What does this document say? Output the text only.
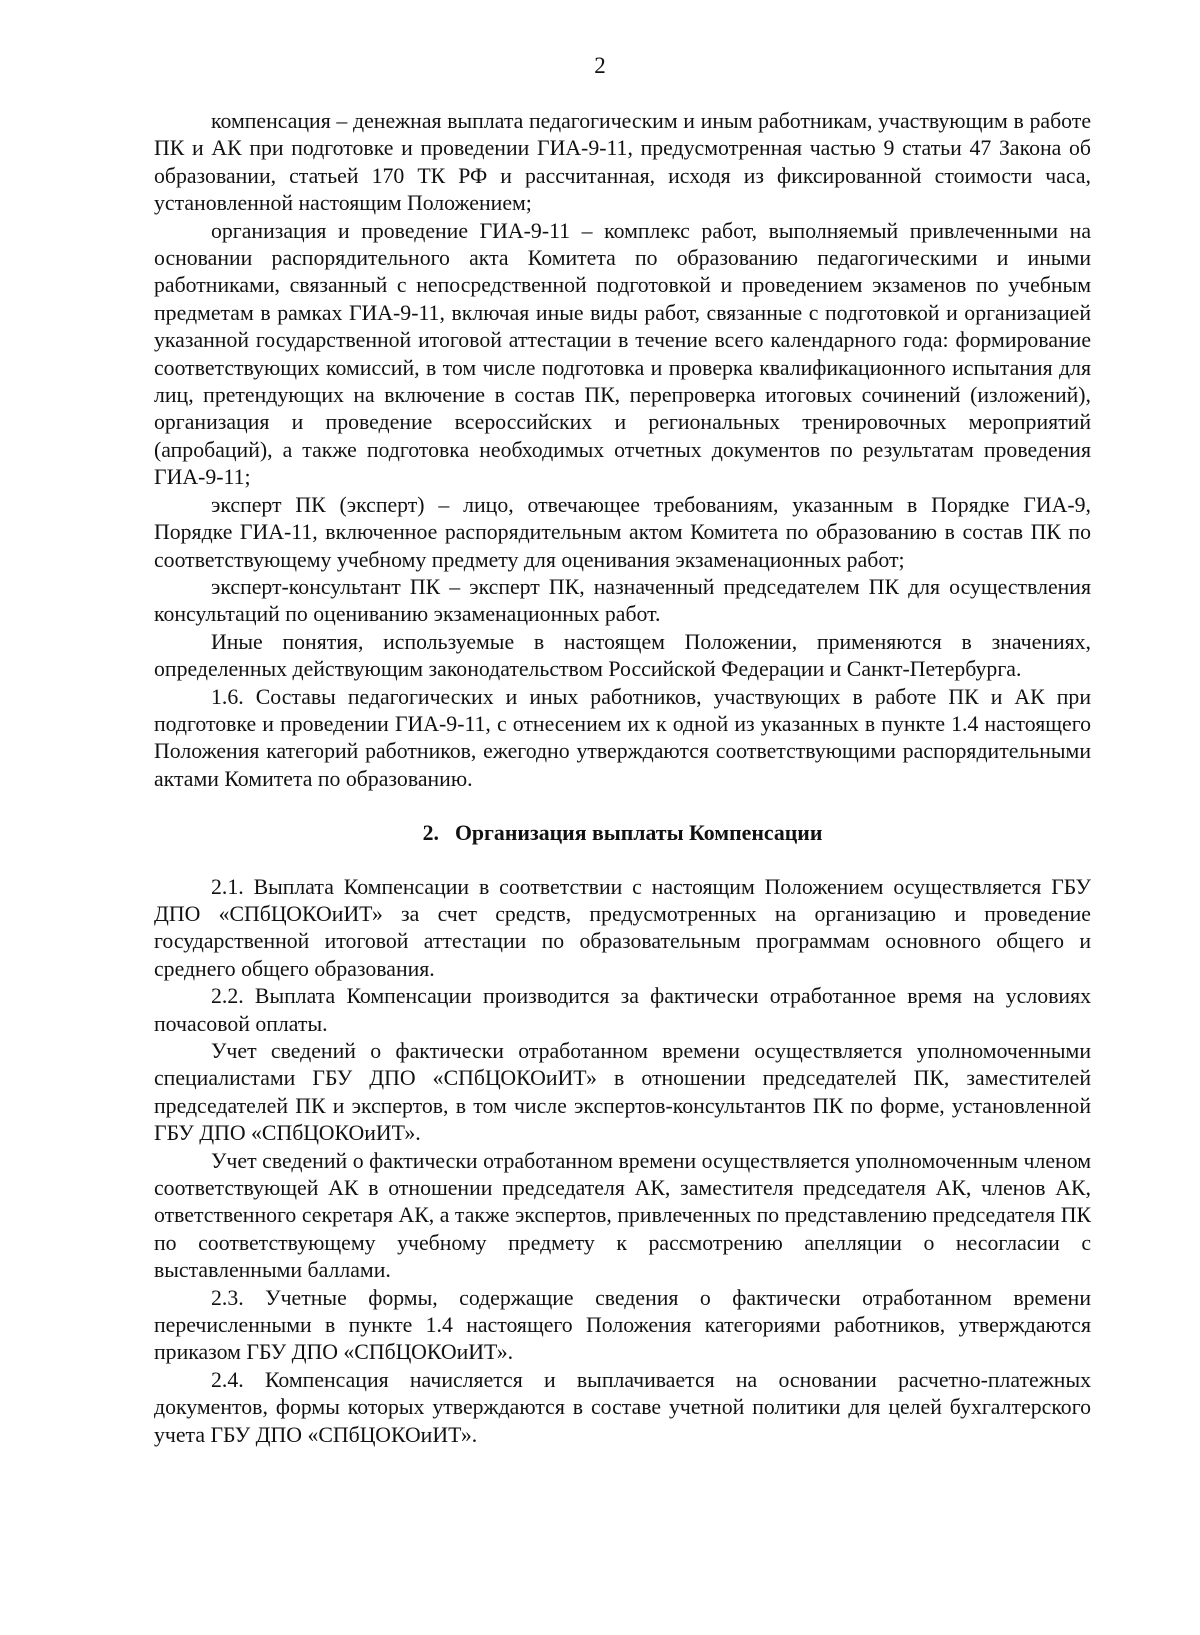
2

компенсация – денежная выплата педагогическим и иным работникам, участвующим в работе ПК и АК при подготовке и проведении ГИА-9-11, предусмотренная частью 9 статьи 47 Закона об образовании, статьей 170 ТК РФ и рассчитанная, исходя из фиксированной стоимости часа, установленной настоящим Положением;

организация и проведение ГИА-9-11 – комплекс работ, выполняемый привлеченными на основании распорядительного акта Комитета по образованию педагогическими и иными работниками, связанный с непосредственной подготовкой и проведением экзаменов по учебным предметам в рамках ГИА-9-11, включая иные виды работ, связанные с подготовкой и организацией указанной государственной итоговой аттестации в течение всего календарного года: формирование соответствующих комиссий, в том числе подготовка и проверка квалификационного испытания для лиц, претендующих на включение в состав ПК, перепроверка итоговых сочинений (изложений), организация и проведение всероссийских и региональных тренировочных мероприятий (апробаций), а также подготовка необходимых отчетных документов по результатам проведения ГИА-9-11;

эксперт ПК (эксперт) – лицо, отвечающее требованиям, указанным в Порядке ГИА-9, Порядке ГИА-11, включенное распорядительным актом Комитета по образованию в состав ПК по соответствующему учебному предмету для оценивания экзаменационных работ;

эксперт-консультант ПК – эксперт ПК, назначенный председателем ПК для осуществления консультаций по оцениванию экзаменационных работ.

Иные понятия, используемые в настоящем Положении, применяются в значениях, определенных действующим законодательством Российской Федерации и Санкт-Петербурга.

1.6. Составы педагогических и иных работников, участвующих в работе ПК и АК при подготовке и проведении ГИА-9-11, с отнесением их к одной из указанных в пункте 1.4 настоящего Положения категорий работников, ежегодно утверждаются соответствующими распорядительными актами Комитета по образованию.

2. Организация выплаты Компенсации

2.1. Выплата Компенсации в соответствии с настоящим Положением осуществляется ГБУ ДПО «СПбЦОКОиИТ» за счет средств, предусмотренных на организацию и проведение государственной итоговой аттестации по образовательным программам основного общего и среднего общего образования.

2.2. Выплата Компенсации производится за фактически отработанное время на условиях почасовой оплаты.

Учет сведений о фактически отработанном времени осуществляется уполномоченными специалистами ГБУ ДПО «СПбЦОКОиИТ» в отношении председателей ПК, заместителей председателей ПК и экспертов, в том числе экспертов-консультантов ПК по форме, установленной ГБУ ДПО «СПбЦОКОиИТ».

Учет сведений о фактически отработанном времени осуществляется уполномоченным членом соответствующей АК в отношении председателя АК, заместителя председателя АК, членов АК, ответственного секретаря АК, а также экспертов, привлеченных по представлению председателя ПК по соответствующему учебному предмету к рассмотрению апелляции о несогласии с выставленными баллами.

2.3. Учетные формы, содержащие сведения о фактически отработанном времени перечисленными в пункте 1.4 настоящего Положения категориями работников, утверждаются приказом ГБУ ДПО «СПбЦОКОиИТ».

2.4. Компенсация начисляется и выплачивается на основании расчетно-платежных документов, формы которых утверждаются в составе учетной политики для целей бухгалтерского учета ГБУ ДПО «СПбЦОКОиИТ».
